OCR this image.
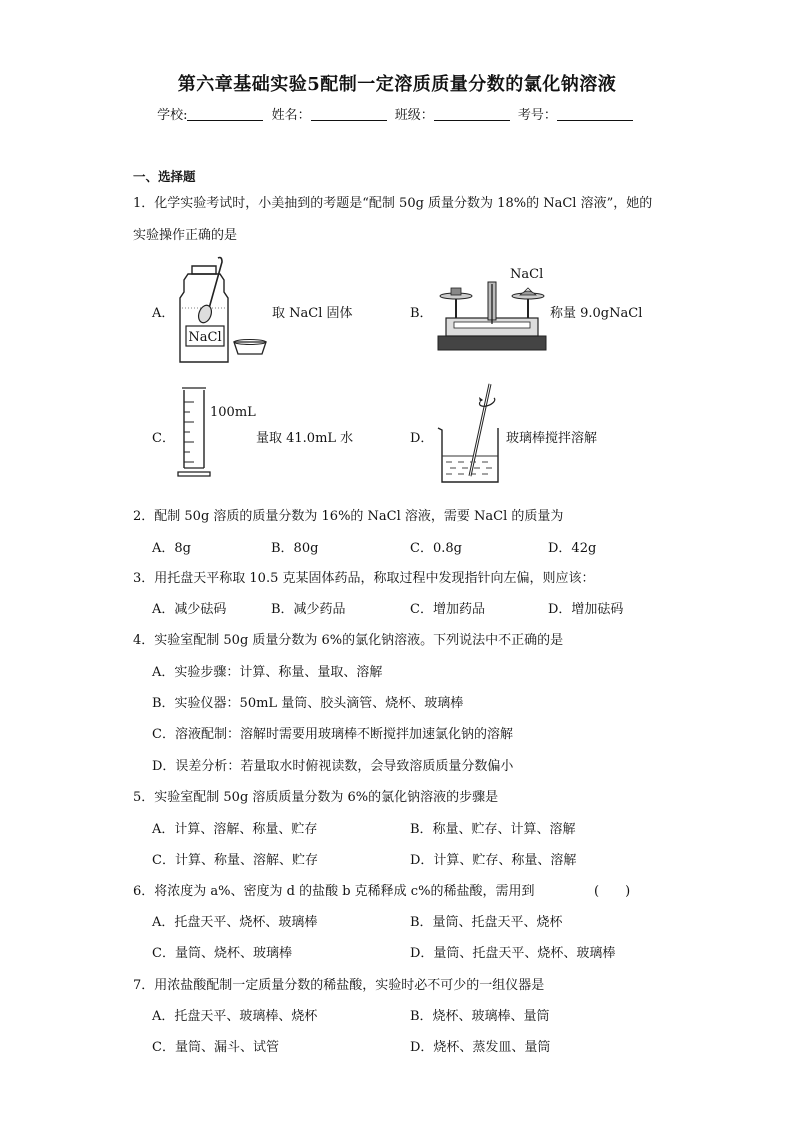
第六章基础实验5配制一定溶质质量分数的氯化钠溶液
学校:	姓名：	班级：	考号：
一、选择题
1．化学实验考试时，小美抽到的考题是“配制 50g 质量分数为 18%的 NaCl 溶液”，她的
实验操作正确的是
A．
NaCl
取 NaCl 固体	B．
NaCl
称量 9.0gNaCl
C．
100mL
量取 41.0mL 水	D．	玻璃棒搅拌溶解
2．配制 50g 溶质的质量分数为 16%的 NaCl 溶液，需要 NaCl 的质量为
A．8g	B．80g	C．0.8g	D．42g
3．用托盘天平称取 10.5 克某固体药品，称取过程中发现指针向左偏，则应该：
A．减少砝码	B．减少药品	C．增加药品	D．增加砝码
4．实验室配制 50g 质量分数为 6%的氯化钠溶液。下列说法中不正确的是
A．实验步骤：计算、称量、量取、溶解
B．实验仪器：50mL 量筒、胶头滴管、烧杯、玻璃棒
C．溶液配制：溶解时需要用玻璃棒不断搅拌加速氯化钠的溶解
D．误差分析：若量取水时俯视读数，会导致溶质质量分数偏小
5．实验室配制 50g 溶质质量分数为 6%的氯化钠溶液的步骤是
A．计算、溶解、称量、贮存	B．称量、贮存、计算、溶解
C．计算、称量、溶解、贮存	D．计算、贮存、称量、溶解
6．将浓度为 a%、密度为 d 的盐酸 b 克稀释成 c%的稀盐酸，需用到	(　　)
A．托盘天平、烧杯、玻璃棒	B．量筒、托盘天平、烧杯
C．量筒、烧杯、玻璃棒	D．量筒、托盘天平、烧杯、玻璃棒
7．用浓盐酸配制一定质量分数的稀盐酸，实验时必不可少的一组仪器是
A．托盘天平、玻璃棒、烧杯	B．烧杯、玻璃棒、量筒
C．量筒、漏斗、试管	D．烧杯、蒸发皿、量筒
